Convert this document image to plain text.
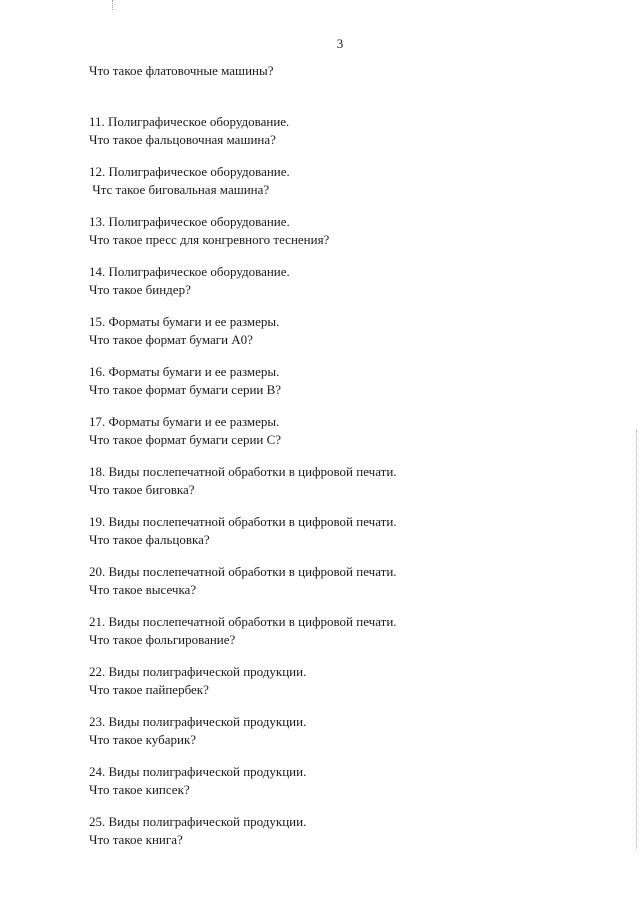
3
Что такое флатовочные машины?
11. Полиграфическое оборудование.
Что такое фальцовочная машина?
12. Полиграфическое оборудование.
Чтс такое биговальная машина?
13. Полиграфическое оборудование.
Что такое пресс для конгревного теснения?
14. Полиграфическое оборудование.
Что такое биндер?
15. Форматы бумаги и ее размеры.
Что такое формат бумаги А0?
16. Форматы бумаги и ее размеры.
Что такое формат бумаги серии В?
17. Форматы бумаги и ее размеры.
Что такое формат бумаги серии С?
18. Виды послепечатной обработки в цифровой печати.
Что такое биговка?
19. Виды послепечатной обработки в цифровой печати.
Что такое фальцовка?
20. Виды послепечатной обработки в цифровой печати.
Что такое высечка?
21. Виды послепечатной обработки в цифровой печати.
Что такое фольгирование?
22. Виды полиграфической продукции.
Что такое пайпербек?
23. Виды полиграфической продукции.
Что такое кубарик?
24. Виды полиграфической продукции.
Что такое кипсек?
25. Виды полиграфической продукции.
Что такое книга?
